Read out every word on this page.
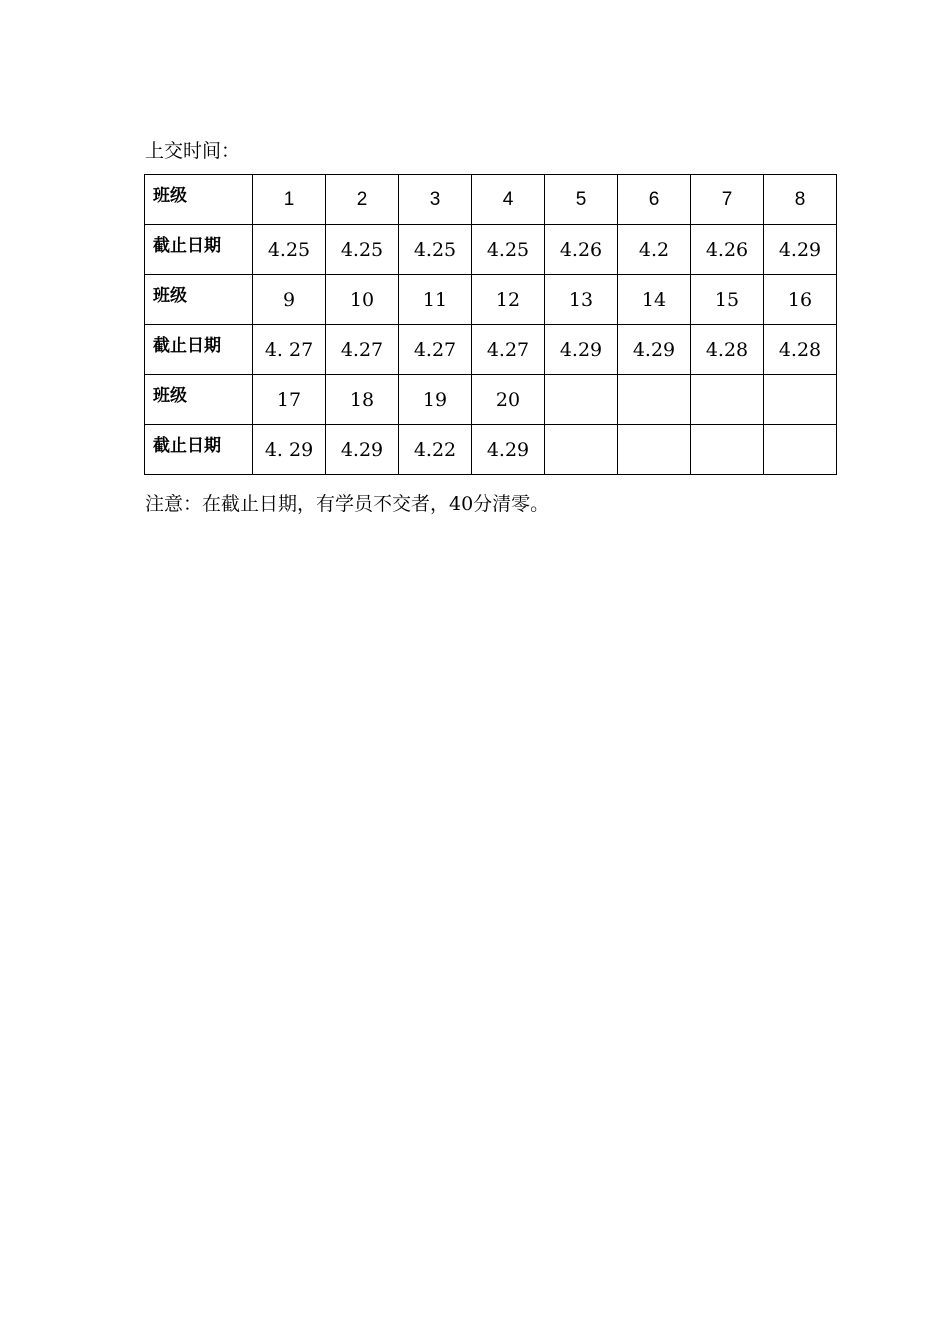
上交时间：
班级	1	2	3	4	5	6	7	8
截止日期	4.25	4.25	4.25	4.25	4.26	4.2	4.26	4.29
班级	9	10	11	12	13	14	15	16
截止日期	4. 27	4.27	4.27	4.27	4.29	4.29	4.28	4.28
班级	17	18	19	20				
截止日期	4. 29	4.29	4.22	4.29				
注意：在截止日期，有学员不交者，40分清零。
